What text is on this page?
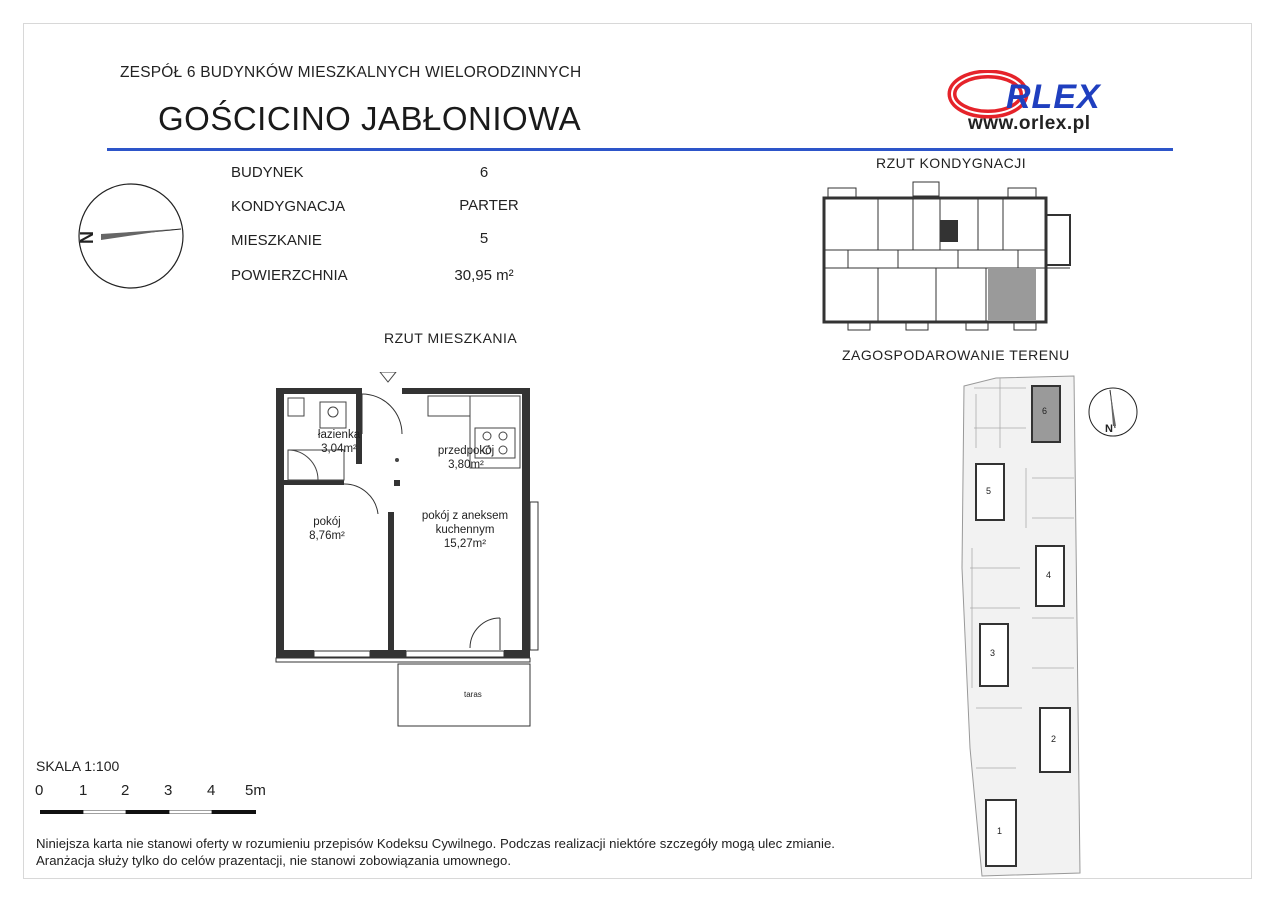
ZESPÓŁ 6 BUDYNKÓW MIESZKALNYCH WIELORODZINNYCH
GOŚCICINO JABŁONIOWA
RLEX
www.orlex.pl
N
BUDYNEK	6
KONDYGNACJA	PARTER
MIESZKANIE	5
POWIERZCHNIA	30,95 m²
RZUT KONDYGNACJI
RZUT MIESZKANIA
ZAGOSPODAROWANIE TERENU
łazienka
3,04m²	przedpokój
3,80m²
pokój
8,76m²
pokój z aneksem
kuchennym
15,27m²
taras
6
5
4
3
2
1
N
SKALA 1:100
0 1 2 3 4 5m
Niniejsza karta nie stanowi oferty w rozumieniu przepisów Kodeksu Cywilnego. Podczas realizacji niektóre szczegóły mogą ulec zmianie.
Aranżacja służy tylko do celów prazentacji, nie stanowi zobowiązania umownego.
